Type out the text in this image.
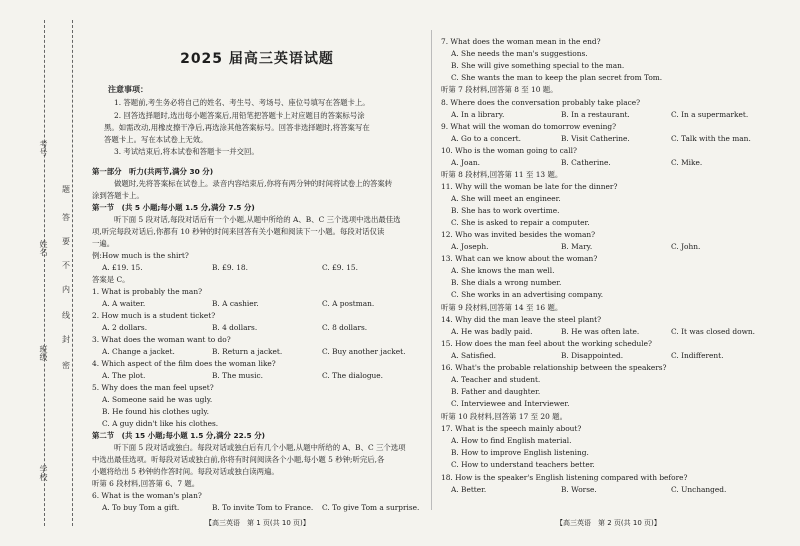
考号
姓名
班级
学校
题
答
要
不
内
线
封
密
2025 届高三英语试题
注意事项：
1. 答题前,考生务必将自己的姓名、考生号、考场号、座位号填写在答题卡上。
2. 回答选择题时,选出每小题答案后,用铅笔把答题卡上对应题目的答案标号涂
黑。如需改动,用橡皮擦干净后,再选涂其他答案标号。回答非选择题时,将答案写在
答题卡上。写在本试卷上无效。
3. 考试结束后,将本试卷和答题卡一并交回。
第一部分　听力(共两节,满分 30 分)
做题时,先将答案标在试卷上。录音内容结束后,你将有两分钟的时间将试卷上的答案转
涂到答题卡上。
第一节　(共 5 小题;每小题 1.5 分,满分 7.5 分)
听下面 5 段对话,每段对话后有一个小题,从题中所给的 A、B、C 三个选项中选出最佳选
项,听完每段对话后,你都有 10 秒钟的时间来回答有关小题和阅读下一小题。每段对话仅读
一遍。
例:How much is the shirt?
A. £19. 15.	B. £9. 18.	C. £9. 15.
答案是 C。
1. What is probably the man?
A. A waiter.	B. A cashier.	C. A postman.
2. How much is a student ticket?
A. 2 dollars.	B. 4 dollars.	C. 8 dollars.
3. What does the woman want to do?
A. Change a jacket.	B. Return a jacket.	C. Buy another jacket.
4. Which aspect of the film does the woman like?
A. The plot.	B. The music.	C. The dialogue.
5. Why does the man feel upset?
A. Someone said he was ugly.
B. He found his clothes ugly.
C. A guy didn't like his clothes.
第二节　(共 15 小题;每小题 1.5 分,满分 22.5 分)
听下面 5 段对话或独白。每段对话或独白后有几个小题,从题中所给的 A、B、C 三个选项
中选出最佳选项。听每段对话或独白前,你将有时间阅读各个小题,每小题 5 秒钟;听完后,各
小题将给出 5 秒钟的作答时间。每段对话或独白读两遍。
听第 6 段材料,回答第 6、7 题。
6. What is the woman's plan?
A. To buy Tom a gift.	B. To invite Tom to France. C. To give Tom a surprise.
【高三英语　第 1 页(共 10 页)】
7. What does the woman mean in the end?
A. She needs the man's suggestions.
B. She will give something special to the man.
C. She wants the man to keep the plan secret from Tom.
听第 7 段材料,回答第 8 至 10 题。
8. Where does the conversation probably take place?
A. In a library.	B. In a restaurant.	C. In a supermarket.
9. What will the woman do tomorrow evening?
A. Go to a concert.	B. Visit Catherine.	C. Talk with the man.
10. Who is the woman going to call?
A. Joan.	B. Catherine.	C. Mike.
听第 8 段材料,回答第 11 至 13 题。
11. Why will the woman be late for the dinner?
A. She will meet an engineer.
B. She has to work overtime.
C. She is asked to repair a computer.
12. Who was invited besides the woman?
A. Joseph.	B. Mary.	C. John.
13. What can we know about the woman?
A. She knows the man well.
B. She dials a wrong number.
C. She works in an advertising company.
听第 9 段材料,回答第 14 至 16 题。
14. Why did the man leave the steel plant?
A. He was badly paid.	B. He was often late.	C. It was closed down.
15. How does the man feel about the working schedule?
A. Satisfied.	B. Disappointed.	C. Indifferent.
16. What's the probable relationship between the speakers?
A. Teacher and student.
B. Father and daughter.
C. Interviewee and Interviewer.
听第 10 段材料,回答第 17 至 20 题。
17. What is the speech mainly about?
A. How to find English material.
B. How to improve English listening.
C. How to understand teachers better.
18. How is the speaker's English listening compared with before?
A. Better.	B. Worse.	C. Unchanged.
【高三英语　第 2 页(共 10 页)】
